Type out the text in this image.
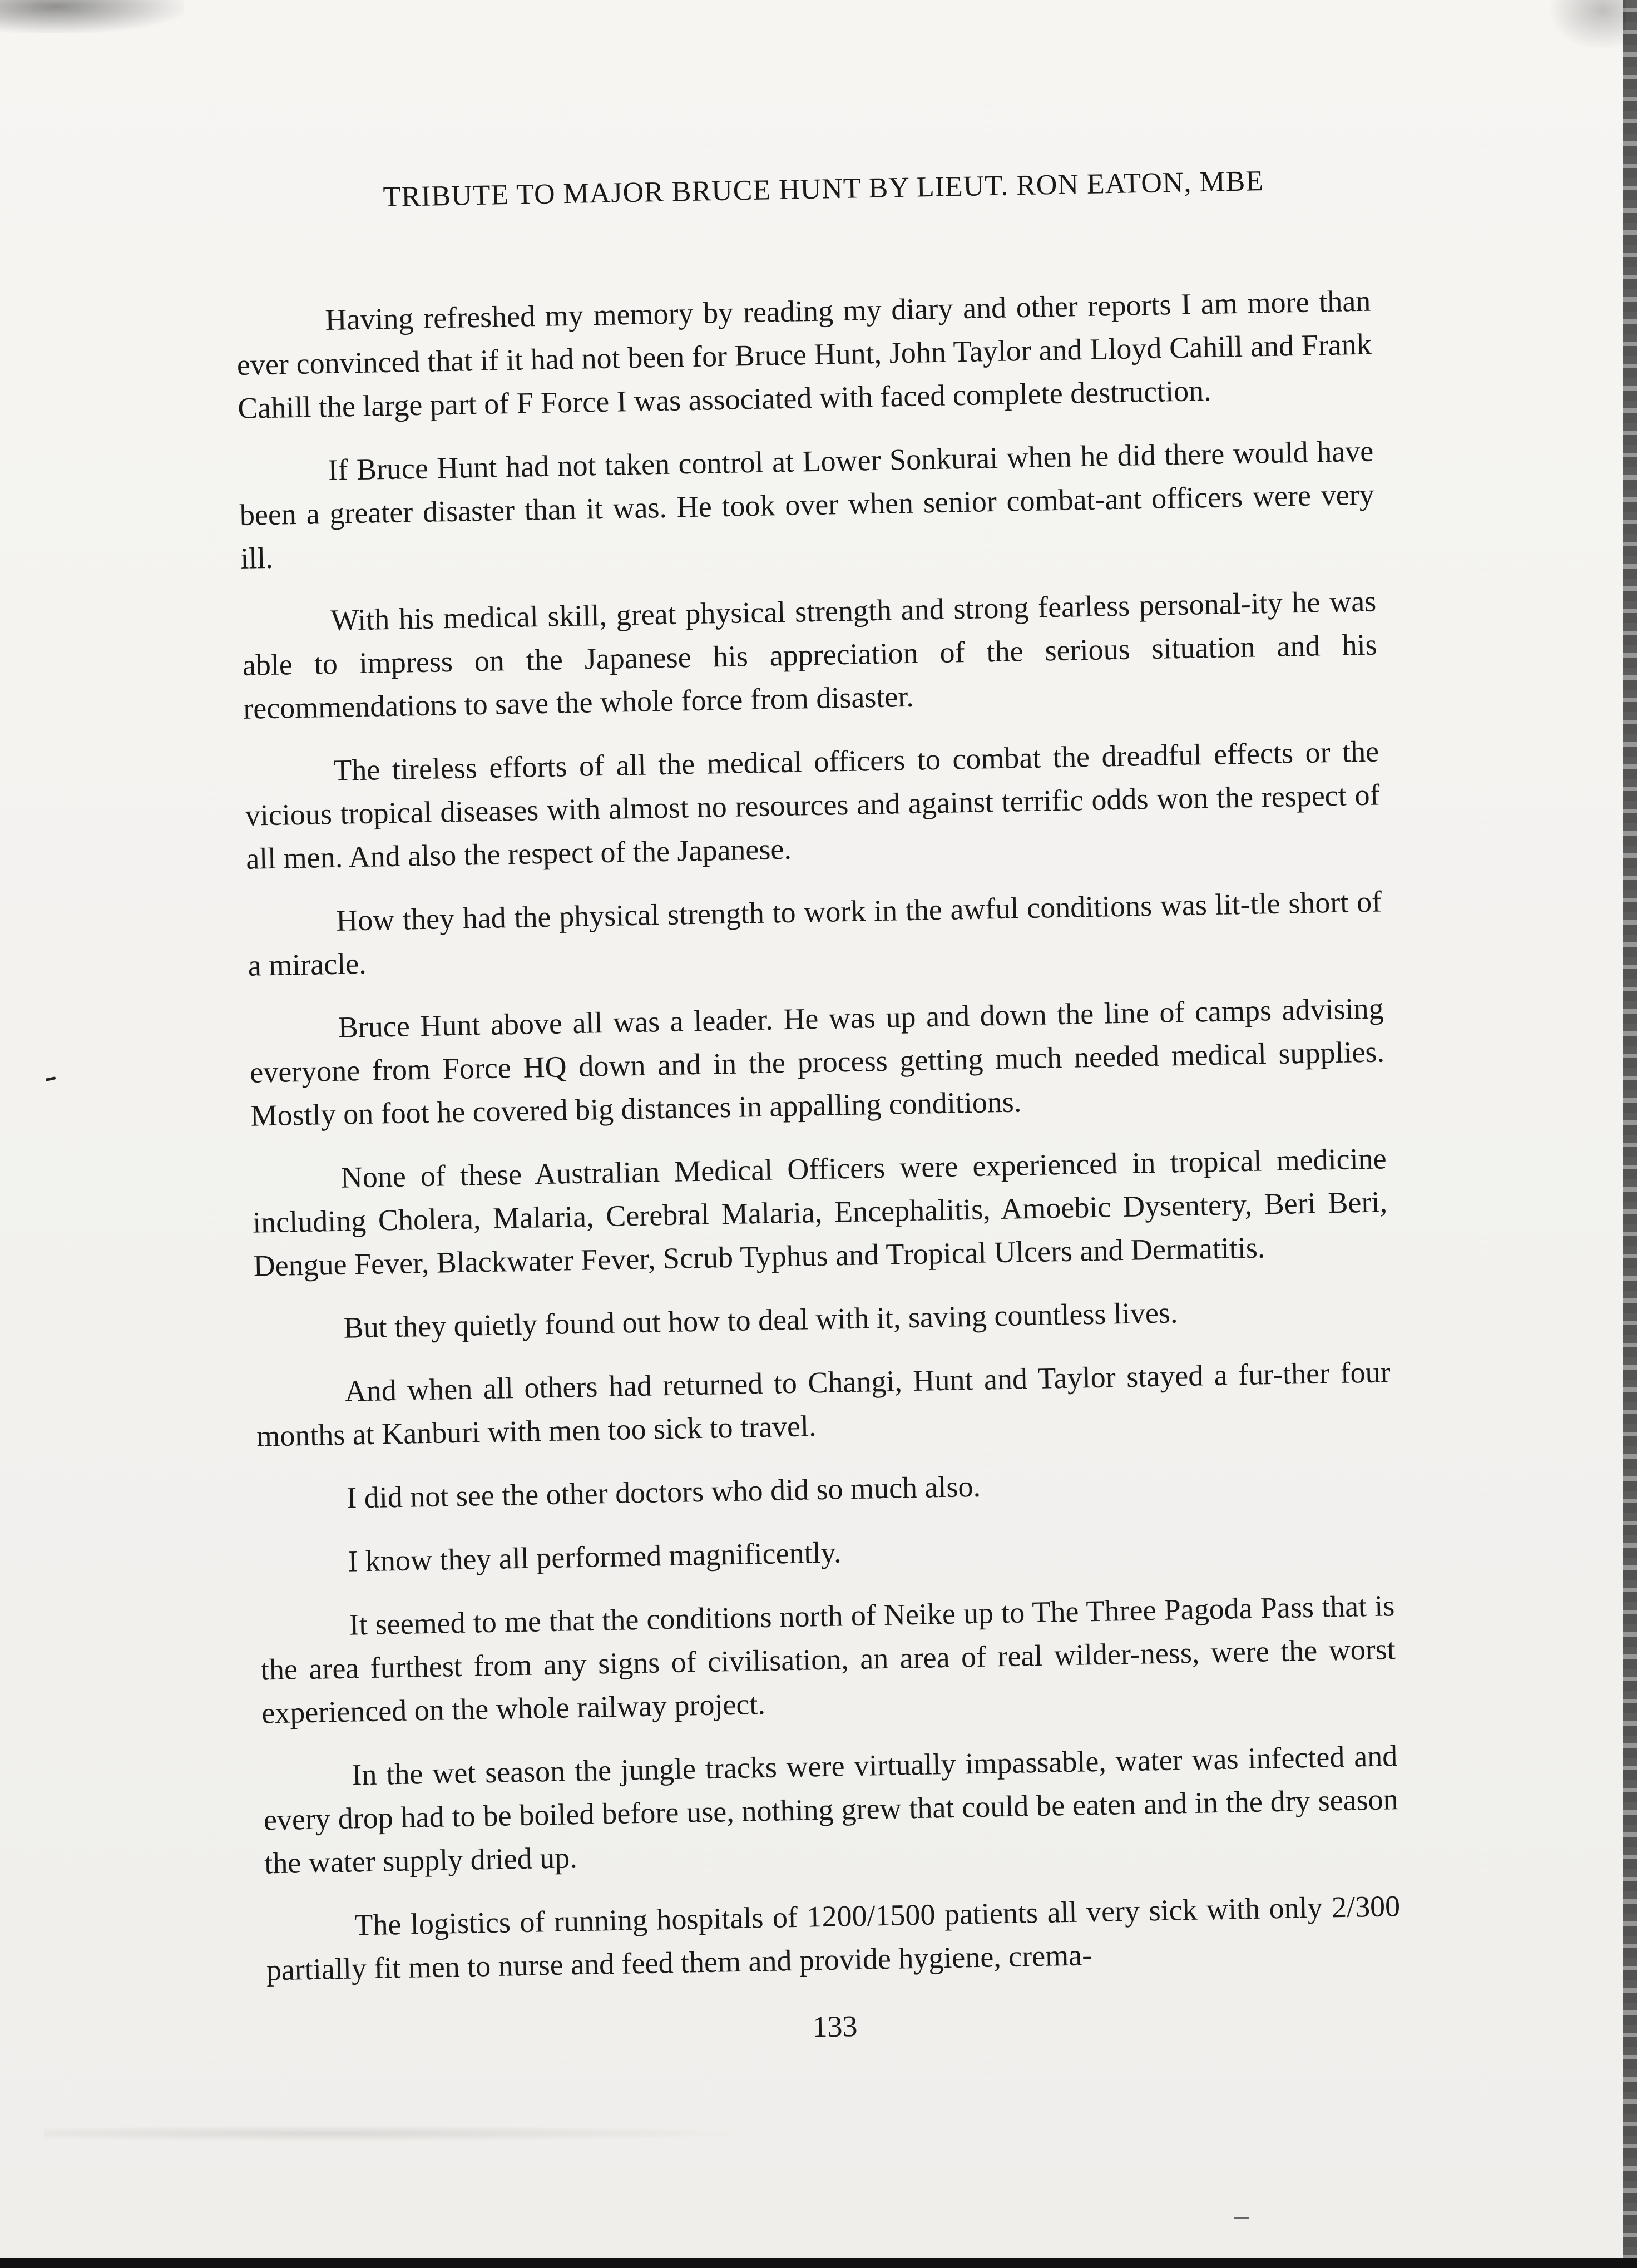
TRIBUTE TO MAJOR BRUCE HUNT BY LIEUT. RON EATON, MBE

Having refreshed my memory by reading my diary and other reports I am more than ever convinced that if it had not been for Bruce Hunt, John Taylor and Lloyd Cahill and Frank Cahill the large part of F Force I was associated with faced complete destruction.

If Bruce Hunt had not taken control at Lower Sonkurai when he did there would have been a greater disaster than it was. He took over when senior combat-ant officers were very ill.

With his medical skill, great physical strength and strong fearless personal-ity he was able to impress on the Japanese his appreciation of the serious situation and his recommendations to save the whole force from disaster.

The tireless efforts of all the medical officers to combat the dreadful effects or the vicious tropical diseases with almost no resources and against terrific odds won the respect of all men. And also the respect of the Japanese.

How they had the physical strength to work in the awful conditions was lit-tle short of a miracle.

Bruce Hunt above all was a leader. He was up and down the line of camps advising everyone from Force HQ down and in the process getting much needed medical supplies. Mostly on foot he covered big distances in appalling conditions.

None of these Australian Medical Officers were experienced in tropical medicine including Cholera, Malaria, Cerebral Malaria, Encephalitis, Amoebic Dysentery, Beri Beri, Dengue Fever, Blackwater Fever, Scrub Typhus and Tropical Ulcers and Dermatitis.

But they quietly found out how to deal with it, saving countless lives.

And when all others had returned to Changi, Hunt and Taylor stayed a fur-ther four months at Kanburi with men too sick to travel.

I did not see the other doctors who did so much also.

I know they all performed magnificently.

It seemed to me that the conditions north of Neike up to The Three Pagoda Pass that is the area furthest from any signs of civilisation, an area of real wilder-ness, were the worst experienced on the whole railway project.

In the wet season the jungle tracks were virtually impassable, water was infected and every drop had to be boiled before use, nothing grew that could be eaten and in the dry season the water supply dried up.

The logistics of running hospitals of 1200/1500 patients all very sick with only 2/300 partially fit men to nurse and feed them and provide hygiene, crema-

133
